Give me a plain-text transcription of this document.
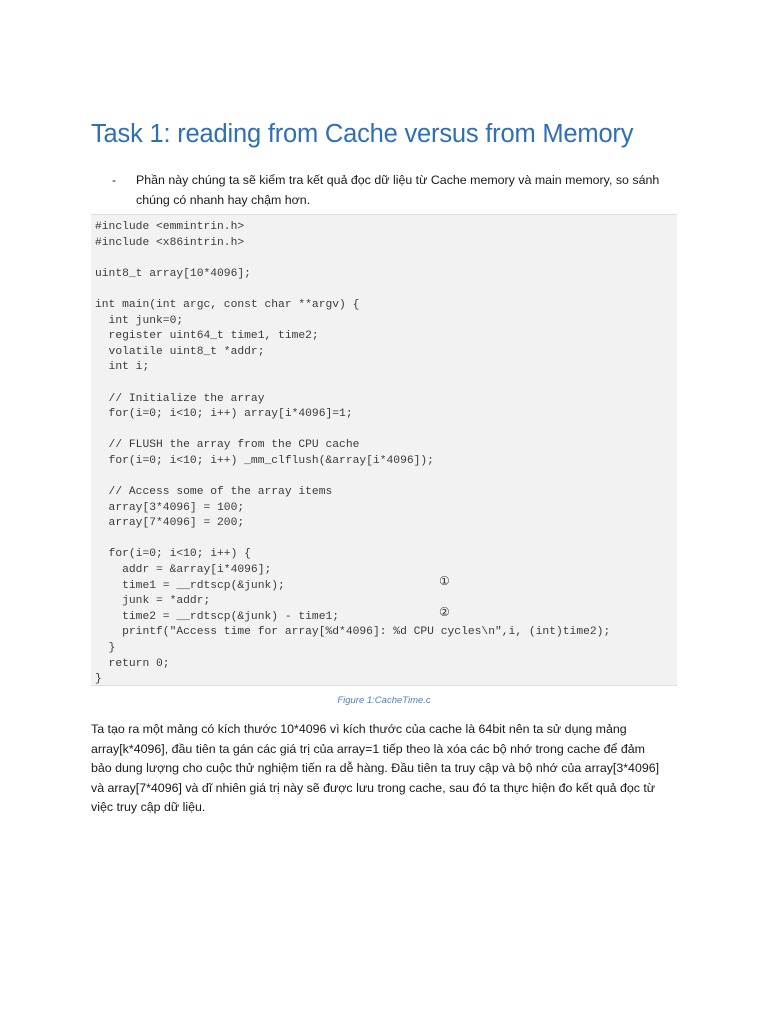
Task 1: reading from Cache versus from Memory
- Phần này chúng ta sẽ kiểm tra kết quả đọc dữ liệu từ Cache memory và main memory, so sánh
chúng có nhanh hay chậm hơn.
#include <emmintrin.h>
#include <x86intrin.h>
uint8_t array[10*4096];
int main(int argc, const char **argv) {
int junk=0;
register uint64_t time1, time2;
volatile uint8_t *addr;
int i;
// Initialize the array
for(i=0; i<10; i++) array[i*4096]=1;
// FLUSH the array from the CPU cache
for(i=0; i<10; i++) _mm_clflush(&array[i*4096]);
// Access some of the array items
array[3*4096] = 100;
array[7*4096] = 200;
for(i=0; i<10; i++) {
addr = &array[i*4096];
time1 = __rdtscp(&junk);
junk = *addr;
time2 = __rdtscp(&junk) - time1;
printf("Access time for array[%d*4096]: %d CPU cycles\n",i, (int)time2);
}
return 0;
}
①
②
Figure 1:CacheTime.c
Ta tạo ra một mảng có kích thước 10*4096 vì kích thước của cache là 64bit nên ta sử dụng mảng
array[k*4096], đầu tiên ta gán các giá trị của array=1 tiếp theo là xóa các bộ nhớ trong cache để đảm
bảo dung lượng cho cuộc thử nghiệm tiến ra dễ hàng. Đầu tiên ta truy cập và bộ nhớ của array[3*4096]
và array[7*4096] và dĩ nhiên giá trị này sẽ được lưu trong cache, sau đó ta thực hiện đo kết quả đọc từ
việc truy cập dữ liệu.
